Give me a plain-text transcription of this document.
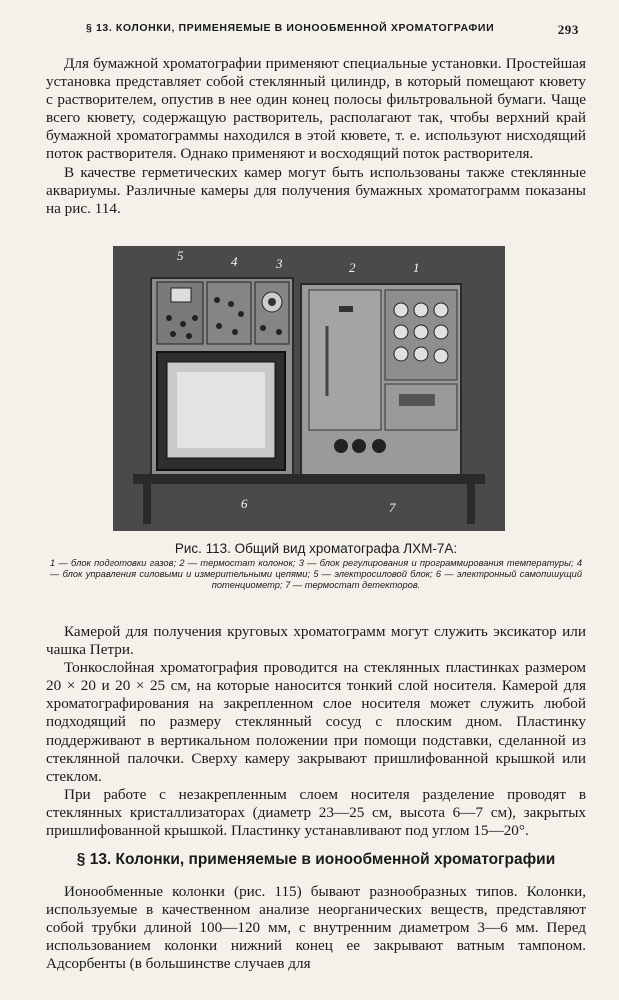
§ 13. КОЛОНКИ, ПРИМЕНЯЕМЫЕ В ИОНООБМЕННОЙ ХРОМАТОГРАФИИ	293

Для бумажной хроматографии применяют специальные установки. Простейшая установка представляет собой стеклянный цилиндр, в который помещают кювету с растворителем, опустив в нее один конец полосы фильтровальной бумаги. Чаще всего кювету, содержащую растворитель, располагают так, чтобы верхний край бумажной хроматограммы находился в этой кювете, т. е. используют нисходящий поток растворителя. Однако применяют и восходящий поток растворителя.

В качестве герметических камер могут быть использованы также стеклянные аквариумы. Различные камеры для получения бумажных хроматограмм показаны на рис. 114.

5	4	3	2	1
6	7
Рис. 113. Общий вид хроматографа ЛХМ-7А:
1 — блок подготовки газов; 2 — термостат колонок; 3 — блок регулирования и программирования температуры; 4 — блок управления силовыми и измерительными цепями; 5 — электросиловой блок; 6 — электронный самопишущий потенциометр; 7 — термостат детекторов.

Камерой для получения круговых хроматограмм могут служить эксикатор или чашка Петри.

Тонкослойная хроматография проводится на стеклянных пластинках размером 20 × 20 и 20 × 25 см, на которые наносится тонкий слой носителя. Камерой для хроматографирования на закрепленном слое носителя может служить любой подходящий по размеру стеклянный сосуд с плоским дном. Пластинку поддерживают в вертикальном положении при помощи подставки, сделанной из стеклянной палочки. Сверху камеру закрывают пришлифованной крышкой или стеклом.

При работе с незакрепленным слоем носителя разделение проводят в стеклянных кристаллизаторах (диаметр 23—25 см, высота 6—7 см), закрытых пришлифованной крышкой. Пластинку устанавливают под углом 15—20°.

§ 13. Колонки, применяемые в ионообменной хроматографии

Ионообменные колонки (рис. 115) бывают разнообразных типов. Колонки, используемые в качественном анализе неорганических веществ, представляют собой трубки длиной 100—120 мм, с внутренним диаметром 3—6 мм. Перед использованием колонки нижний конец ее закрывают ватным тампоном. Адсорбенты (в большинстве случаев для
